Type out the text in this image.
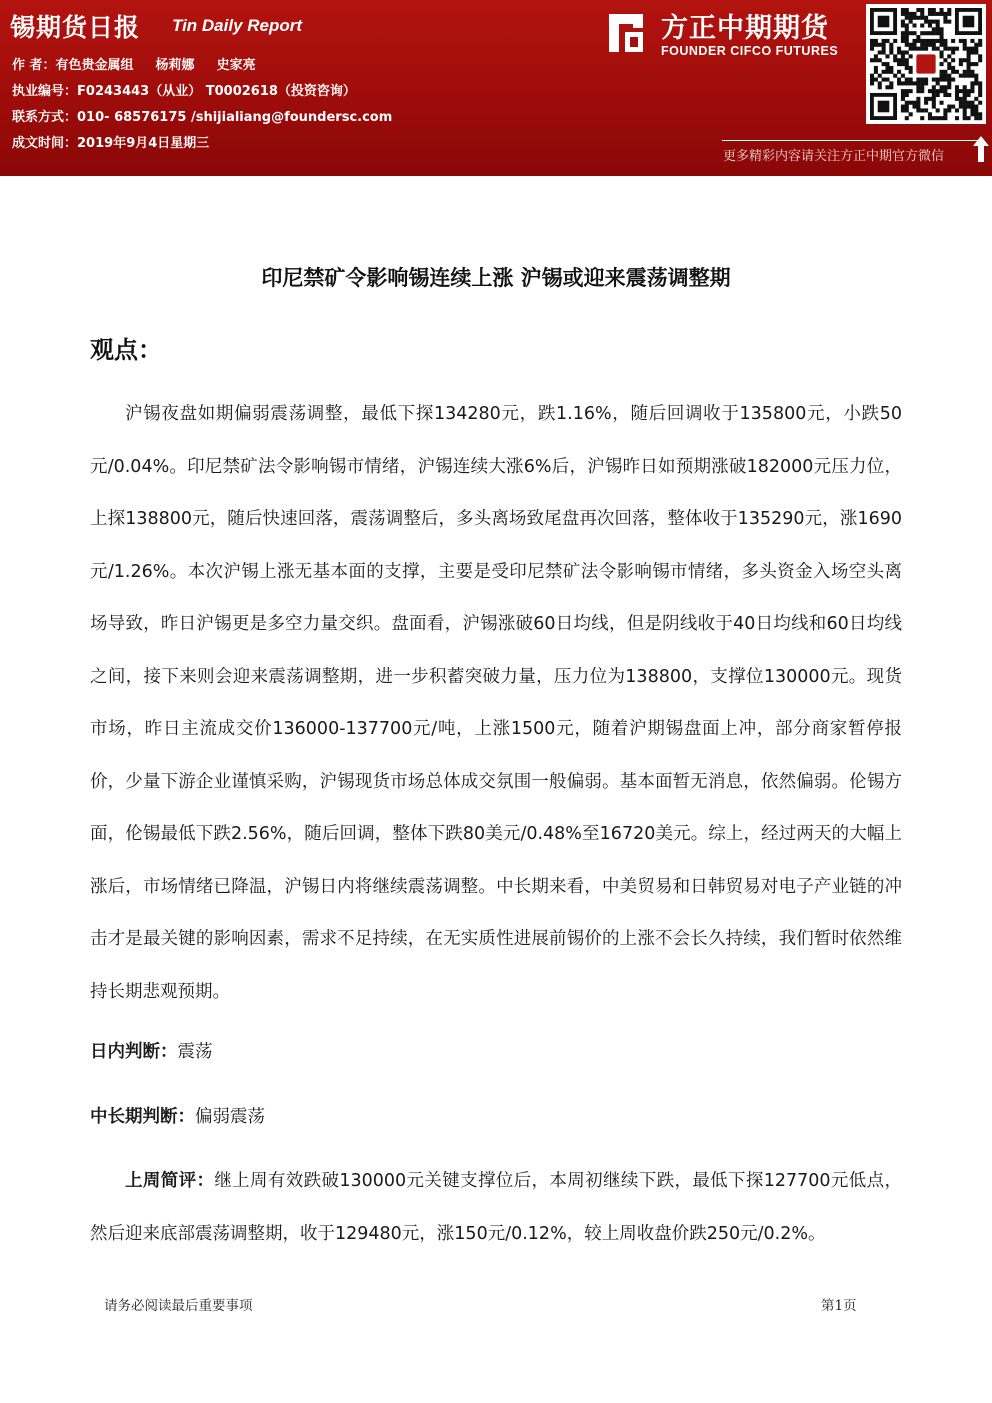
锡期货日报 Tin Daily Report
作 者：有色贵金属组 杨莉娜 史家亮
执业编号：F0243443（从业） T0002618（投资咨询）
联系方式：010- 68576175 /shijialiang@foundersc.com
成文时间：2019年9月4日星期三
方正中期期货
FOUNDER CIFCO FUTURES
更多精彩内容请关注方正中期官方微信
印尼禁矿令影响锡连续上涨 沪锡或迎来震荡调整期
观点：

沪锡夜盘如期偏弱震荡调整，最低下探134280元，跌1.16%，随后回调收于135800元，小跌50元/0.04%。印尼禁矿法令影响锡市情绪，沪锡连续大涨6%后，沪锡昨日如预期涨破182000元压力位，上探138800元，随后快速回落，震荡调整后，多头离场致尾盘再次回落，整体收于135290元，涨1690元/1.26%。本次沪锡上涨无基本面的支撑，主要是受印尼禁矿法令影响锡市情绪，多头资金入场空头离场导致，昨日沪锡更是多空力量交织。盘面看，沪锡涨破60日均线，但是阴线收于40日均线和60日均线之间，接下来则会迎来震荡调整期，进一步积蓄突破力量，压力位为138800，支撑位130000元。现货市场，昨日主流成交价136000-137700元/吨，上涨1500元，随着沪期锡盘面上冲，部分商家暂停报价，少量下游企业谨慎采购，沪锡现货市场总体成交氛围一般偏弱。基本面暂无消息，依然偏弱。伦锡方面，伦锡最低下跌2.56%，随后回调，整体下跌80美元/0.48%至16720美元。综上，经过两天的大幅上涨后，市场情绪已降温，沪锡日内将继续震荡调整。中长期来看，中美贸易和日韩贸易对电子产业链的冲击才是最关键的影响因素，需求不足持续，在无实质性进展前锡价的上涨不会长久持续，我们暂时依然维持长期悲观预期。

日内判断：震荡
中长期判断：偏弱震荡

上周简评：继上周有效跌破130000元关键支撑位后，本周初继续下跌，最低下探127700元低点，然后迎来底部震荡调整期，收于129480元，涨150元/0.12%，较上周收盘价跌250元/0.2%。

请务必阅读最后重要事项	第1页
